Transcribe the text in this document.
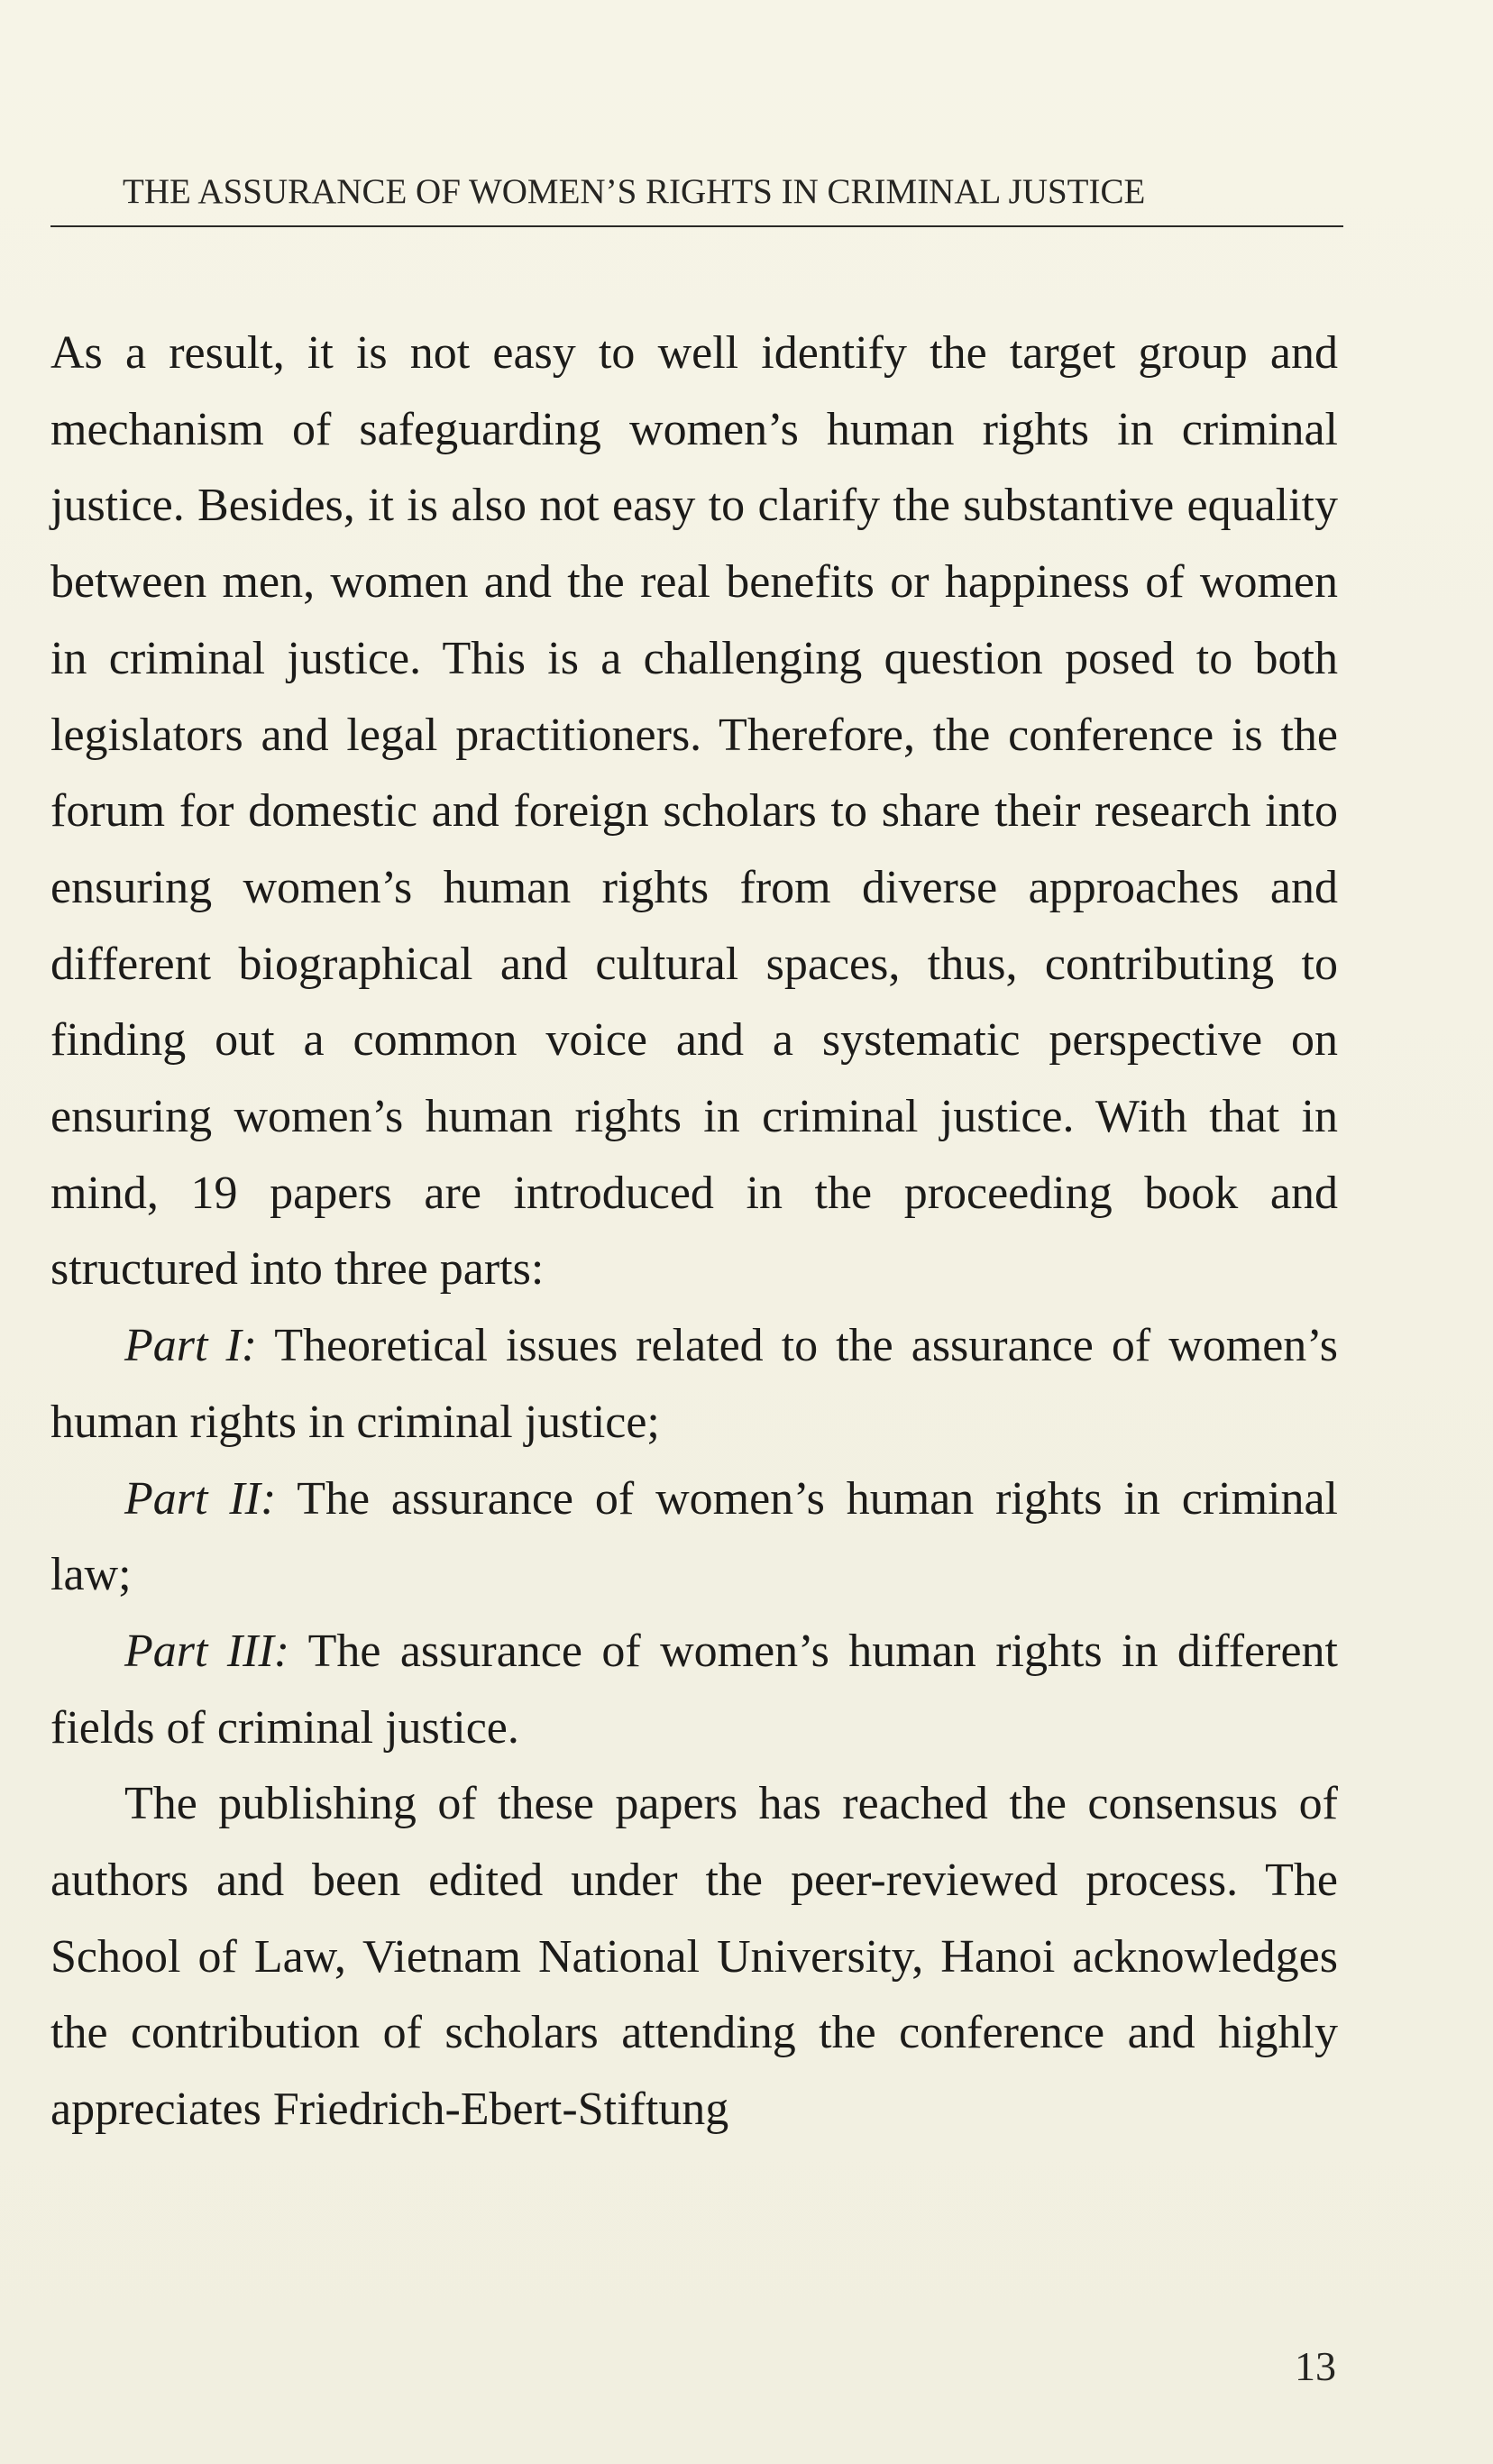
THE ASSURANCE OF WOMEN’S RIGHTS IN CRIMINAL JUSTICE

As a result, it is not easy to well identify the target group and mechanism of safeguarding women’s human rights in criminal justice. Besides, it is also not easy to clarify the substantive equality between men, women and the real benefits or happiness of women in criminal justice. This is a challenging question posed to both legislators and legal practitioners. Therefore, the conference is the forum for domestic and foreign scholars to share their research into ensuring women’s human rights from diverse approaches and different biographical and cultural spaces, thus, contributing to finding out a common voice and a systematic perspective on ensuring women’s human rights in criminal justice. With that in mind, 19 papers are introduced in the proceeding book and structured into three parts:

Part I: Theoretical issues related to the assurance of women’s human rights in criminal justice;

Part II: The assurance of women’s human rights in criminal law;

Part III: The assurance of women’s human rights in different fields of criminal justice.

The publishing of these papers has reached the consensus of authors and been edited under the peer-reviewed process. The School of Law, Vietnam National University, Hanoi acknowledges the contribution of scholars attending the conference and highly appreciates Friedrich-Ebert-Stiftung

13
